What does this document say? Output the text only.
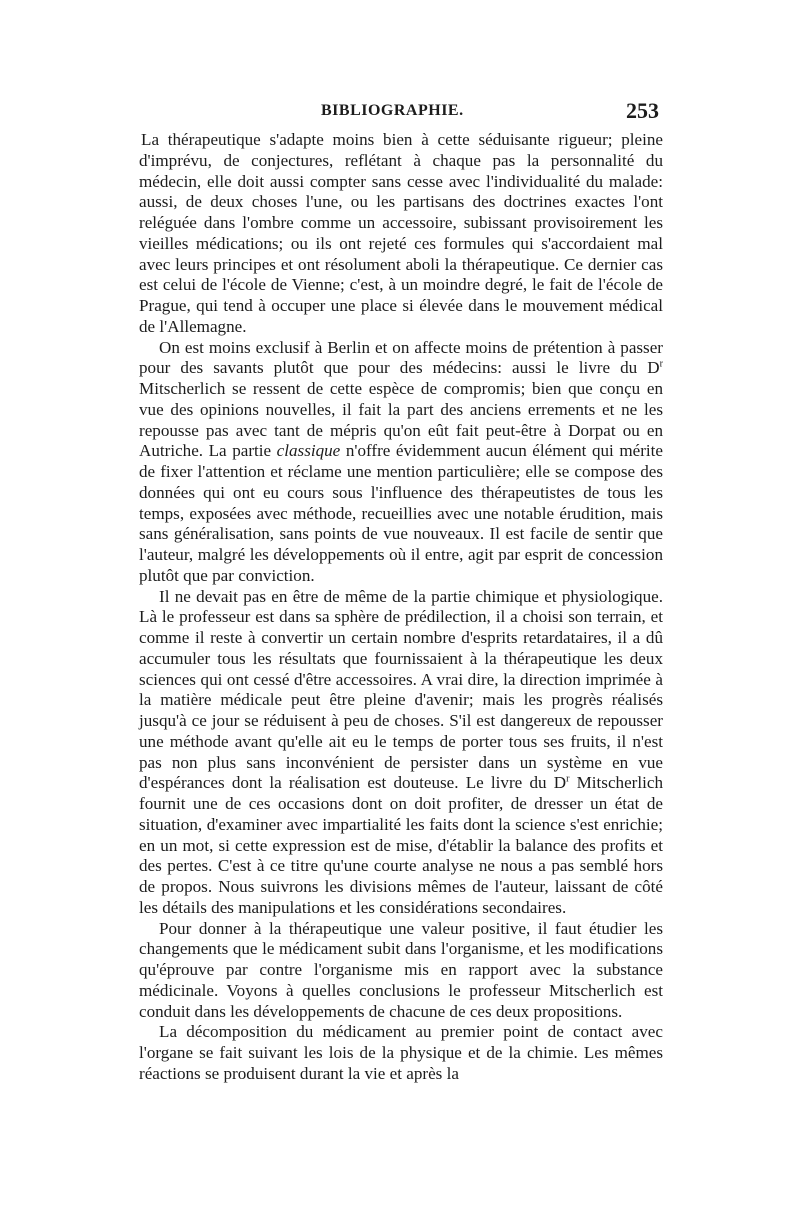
BIBLIOGRAPHIE.	253

La thérapeutique s'adapte moins bien à cette séduisante rigueur; pleine d'imprévu, de conjectures, reflétant à chaque pas la personnalité du médecin, elle doit aussi compter sans cesse avec l'individualité du malade: aussi, de deux choses l'une, ou les partisans des doctrines exactes l'ont reléguée dans l'ombre comme un accessoire, subissant provisoirement les vieilles médications; ou ils ont rejeté ces formules qui s'accordaient mal avec leurs principes et ont résolument aboli la thérapeutique. Ce dernier cas est celui de l'école de Vienne; c'est, à un moindre degré, le fait de l'école de Prague, qui tend à occuper une place si élevée dans le mouvement médical de l'Allemagne.

On est moins exclusif à Berlin et on affecte moins de prétention à passer pour des savants plutôt que pour des médecins: aussi le livre du $D^r$ Mitscherlich se ressent de cette espèce de compromis; bien que conçu en vue des opinions nouvelles, il fait la part des anciens errements et ne les repousse pas avec tant de mépris qu'on eût fait peut-être à Dorpat ou en Autriche. La partie classique n'offre évidemment aucun élément qui mérite de fixer l'attention et réclame une mention particulière; elle se compose des données qui ont eu cours sous l'influence des thérapeutistes de tous les temps, exposées avec méthode, recueillies avec une notable érudition, mais sans généralisation, sans points de vue nouveaux. Il est facile de sentir que l'auteur, malgré les développements où il entre, agit par esprit de concession plutôt que par conviction.

Il ne devait pas en être de même de la partie chimique et physiologique. Là le professeur est dans sa sphère de prédilection, il a choisi son terrain, et comme il reste à convertir un certain nombre d'esprits retardataires, il a dû accumuler tous les résultats que fournissaient à la thérapeutique les deux sciences qui ont cessé d'être accessoires. A vrai dire, la direction imprimée à la matière médicale peut être pleine d'avenir; mais les progrès réalisés jusqu'à ce jour se réduisent à peu de choses. S'il est dangereux de repousser une méthode avant qu'elle ait eu le temps de porter tous ses fruits, il n'est pas non plus sans inconvénient de persister dans un système en vue d'espérances dont la réalisation est douteuse. Le livre du $D^r$ Mitscherlich fournit une de ces occasions dont on doit profiter, de dresser un état de situation, d'examiner avec impartialité les faits dont la science s'est enrichie; en un mot, si cette expression est de mise, d'établir la balance des profits et des pertes. C'est à ce titre qu'une courte analyse ne nous a pas semblé hors de propos. Nous suivrons les divisions mêmes de l'auteur, laissant de côté les détails des manipulations et les considérations secondaires.

Pour donner à la thérapeutique une valeur positive, il faut étudier les changements que le médicament subit dans l'organisme, et les modifications qu'éprouve par contre l'organisme mis en rapport avec la substance médicinale. Voyons à quelles conclusions le professeur Mitscherlich est conduit dans les développements de chacune de ces deux propositions.

La décomposition du médicament au premier point de contact avec l'organe se fait suivant les lois de la physique et de la chimie. Les mêmes réactions se produisent durant la vie et après la
